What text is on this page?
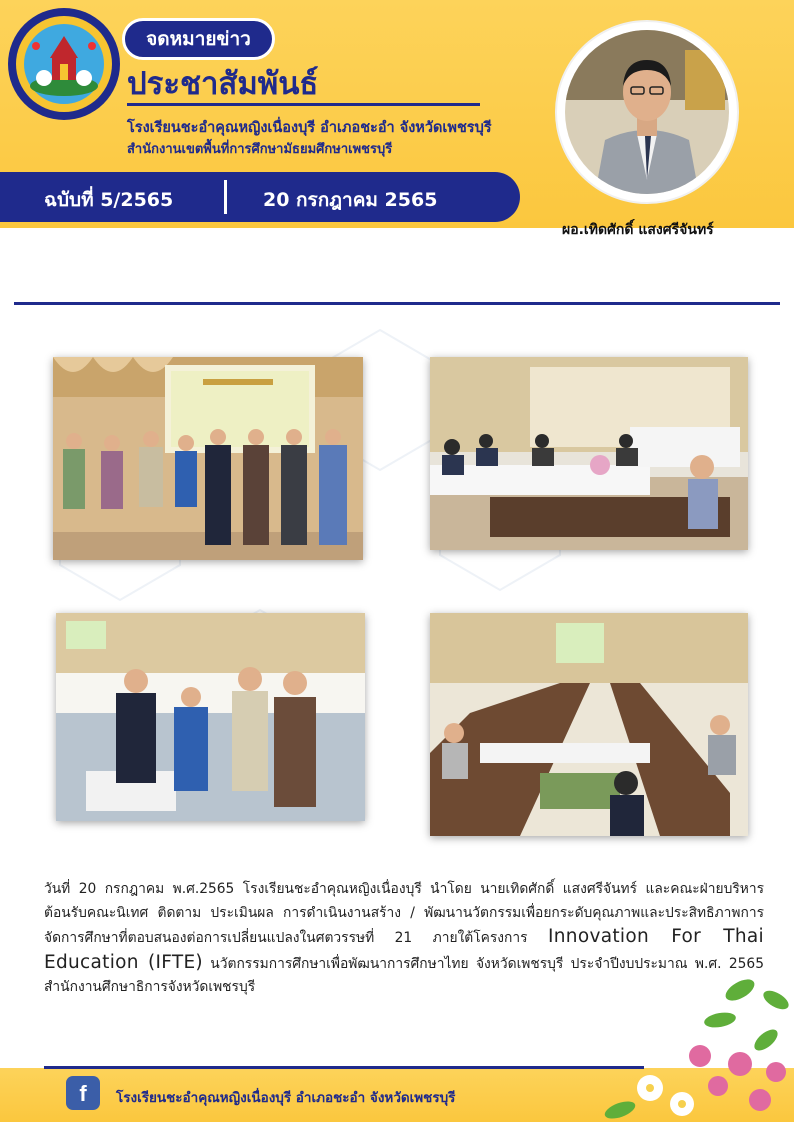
จดหมายข่าว
ประชาสัมพันธ์
โรงเรียนชะอำคุณหญิงเนื่องบุรี อำเภอชะอำ จังหวัดเพชรบุรี
สำนักงานเขตพื้นที่การศึกษามัธยมศึกษาเพชรบุรี
ฉบับที่ 5/2565	20 กรกฎาคม 2565
ผอ.เทิดศักดิ์ แสงศรีจันทร์
วันที่ 20 กรกฎาคม พ.ศ.2565 โรงเรียนชะอำคุณหญิงเนื่องบุรี นำโดย นายเทิดศักดิ์ แสงศรีจันทร์ และคณะฝ่ายบริหาร ต้อนรับคณะนิเทศ ติดตาม ประเมินผล การดำเนินงานสร้าง / พัฒนานวัตกรรมเพื่อยกระดับคุณภาพและประสิทธิภาพการจัดการศึกษาที่ตอบสนองต่อการเปลี่ยนแปลงในศตวรรษที่ 21 ภายใต้โครงการ Innovation For Thai Education (IFTE) นวัตกรรมการศึกษาเพื่อพัฒนาการศึกษาไทย จังหวัดเพชรบุรี ประจำปีงบประมาณ พ.ศ. 2565 สำนักงานศึกษาธิการจังหวัดเพชรบุรี
f	โรงเรียนชะอำคุณหญิงเนื่องบุรี อำเภอชะอำ จังหวัดเพชรบุรี
